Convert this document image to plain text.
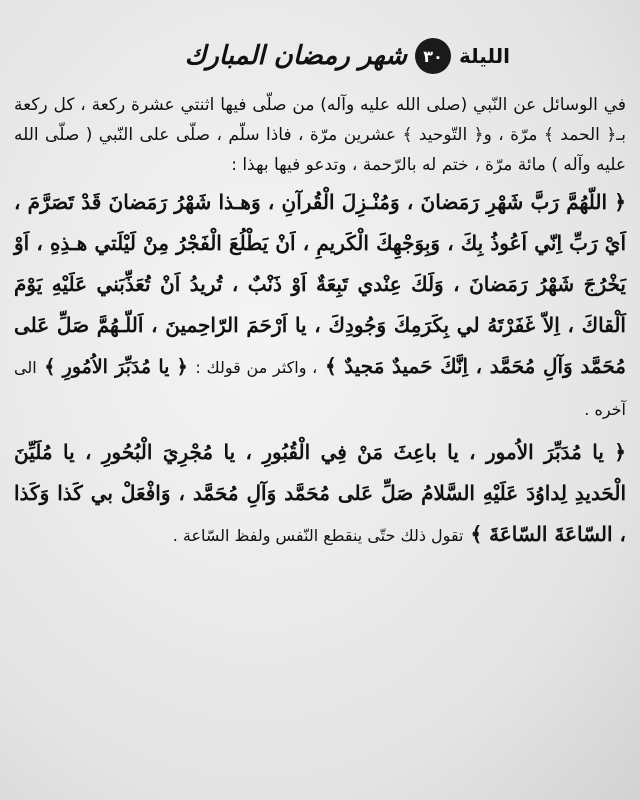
الليلة
٣٠
شهر رمضان المبارك

في الوسائل عن النّبي (صلى الله عليه وآله) من صلّى فيها اثنتي عشرة ركعة ، كل ركعة بـ﴿ الحمد ﴾ مرّة ، و﴿ التّوحيد ﴾ عشرين مرّة ، فاذا سلّم ، صلّى على النّبي ( صلّى الله عليه وآله ) مائة مرّة ، ختم له بالرّحمة ، وتدعو فيها بهذا :

﴿ اللّهُمَّ رَبَّ شَهْرِ رَمَضانَ ، وَمُنْـزِلَ الْقُرآنِ ، وَهـذا شَهْرُ رَمَضانَ قَدْ تَصَرَّمَ ، اَيْ رَبِّ اِنّي اَعُوذُ بِكَ ، وَبِوَجْهِكَ الْكَريمِ ، اَنْ يَطْلُعَ الْفَجْرُ مِنْ لَيْلَتي هـذِهِ ، اَوْ يَخْرُجَ شَهْرُ رَمَضانَ ، وَلَكَ عِنْدي تَبِعَةٌ اَوْ ذَنْبٌ ، تُريدُ اَنْ تُعَذِّبَني عَلَيْهِ يَوْمَ اَلْقاكَ ، اِلاّ غَفَرْتَهُ لي بِكَرَمِكَ وَجُودِكَ ، يا اَرْحَمَ الرّاحِمينَ ، اَللّـهُمَّ صَلِّ عَلى مُحَمَّد وَآلِ مُحَمَّد ، اِنَّكَ حَميدٌ مَجيدٌ ﴾ ، واكثر من قولك : ﴿ يا مُدَبِّرَ الاُمُورِ ﴾ الى آخره .

﴿ يا مُدَبِّرَ الاُمور ، يا باعِثَ مَنْ فِي الْقُبُورِ ، يا مُجْرِيَ الْبُحُورِ ، يا مُلَيِّنَ الْحَديدِ لِداوُدَ عَلَيْهِ السَّلامُ صَلِّ عَلى مُحَمَّد وَآلِ مُحَمَّد ، وَافْعَلْ بي كَذا وَكَذا ، السّاعَةَ السّاعَةَ ﴾ تقول ذلك حتّى ينقطع النّفس ولفظ السّاعة .
